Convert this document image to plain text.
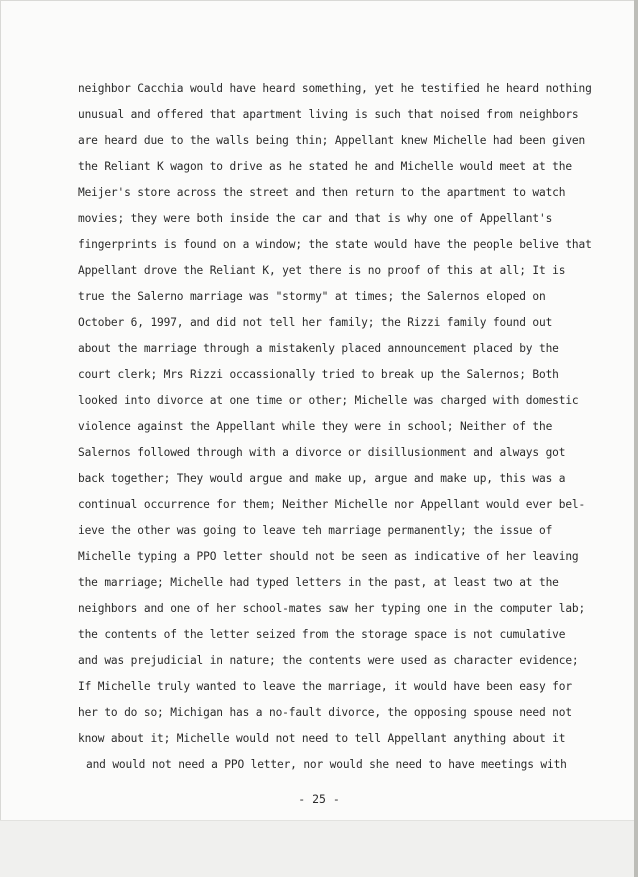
neighbor Cacchia would have heard something, yet he testified he heard nothing
unusual and offered that apartment living is such that noised from neighbors
are heard due to the walls being thin; Appellant knew Michelle had been given
the Reliant K wagon to drive as he stated he and Michelle would meet at the
Meijer's store across the street and then return to the apartment to watch
movies; they were both inside the car and that is why one of Appellant's
fingerprints is found on a window; the state would have the people belive that
Appellant drove the Reliant K, yet there is no proof of this at all; It is
true the Salerno marriage was "stormy" at times; the Salernos eloped on
October 6, 1997, and did not tell her family; the Rizzi family found out
about the marriage through a mistakenly placed announcement placed by the
court clerk; Mrs Rizzi occassionally tried to break up the Salernos; Both
looked into divorce at one time or other; Michelle was charged with domestic
violence against the Appellant while they were in school; Neither of the
Salernos followed through with a divorce or disillusionment and always got
back together; They would argue and make up, argue and make up, this was a
continual occurrence for them; Neither Michelle nor Appellant would ever bel-
ieve the other was going to leave teh marriage permanently; the issue of
Michelle typing a PPO letter should not be seen as indicative of her leaving
the marriage; Michelle had typed letters in the past, at least two at the
neighbors and one of her school-mates saw her typing one in the computer lab;
the contents of the letter seized from the storage space is not cumulative
and was prejudicial in nature; the contents were used as character evidence;
If Michelle truly wanted to leave the marriage, it would have been easy for
her to do so; Michigan has a no-fault divorce, the opposing spouse need not
know about it; Michelle would not need to tell Appellant anything about it
and would not need a PPO letter, nor would she need to have meetings with
- 25 -
